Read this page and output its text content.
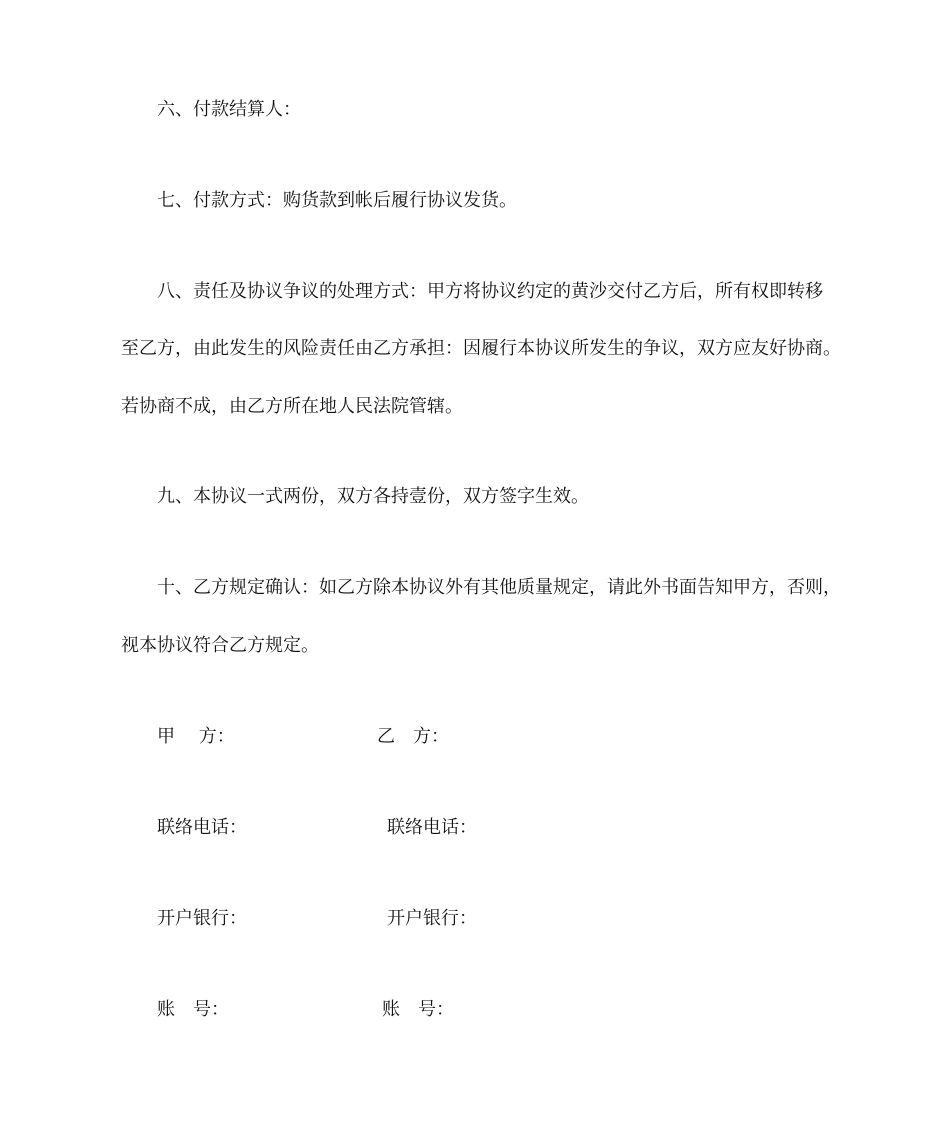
六、付款结算人：
七、付款方式：购货款到帐后履行协议发货。
八、责任及协议争议的处理方式：甲方将协议约定的黄沙交付乙方后，所有权即转移
至乙方，由此发生的风险责任由乙方承担：因履行本协议所发生的争议，双方应友好协商。
若协商不成，由乙方所在地人民法院管辖。
九、本协议一式两份，双方各持壹份，双方签字生效。
十、乙方规定确认：如乙方除本协议外有其他质量规定，请此外书面告知甲方，否则，
视本协议符合乙方规定。
甲　 方：	乙　方：
联络电话：	联络电话：
开户银行：	开户银行：
账　号：	账　号：
